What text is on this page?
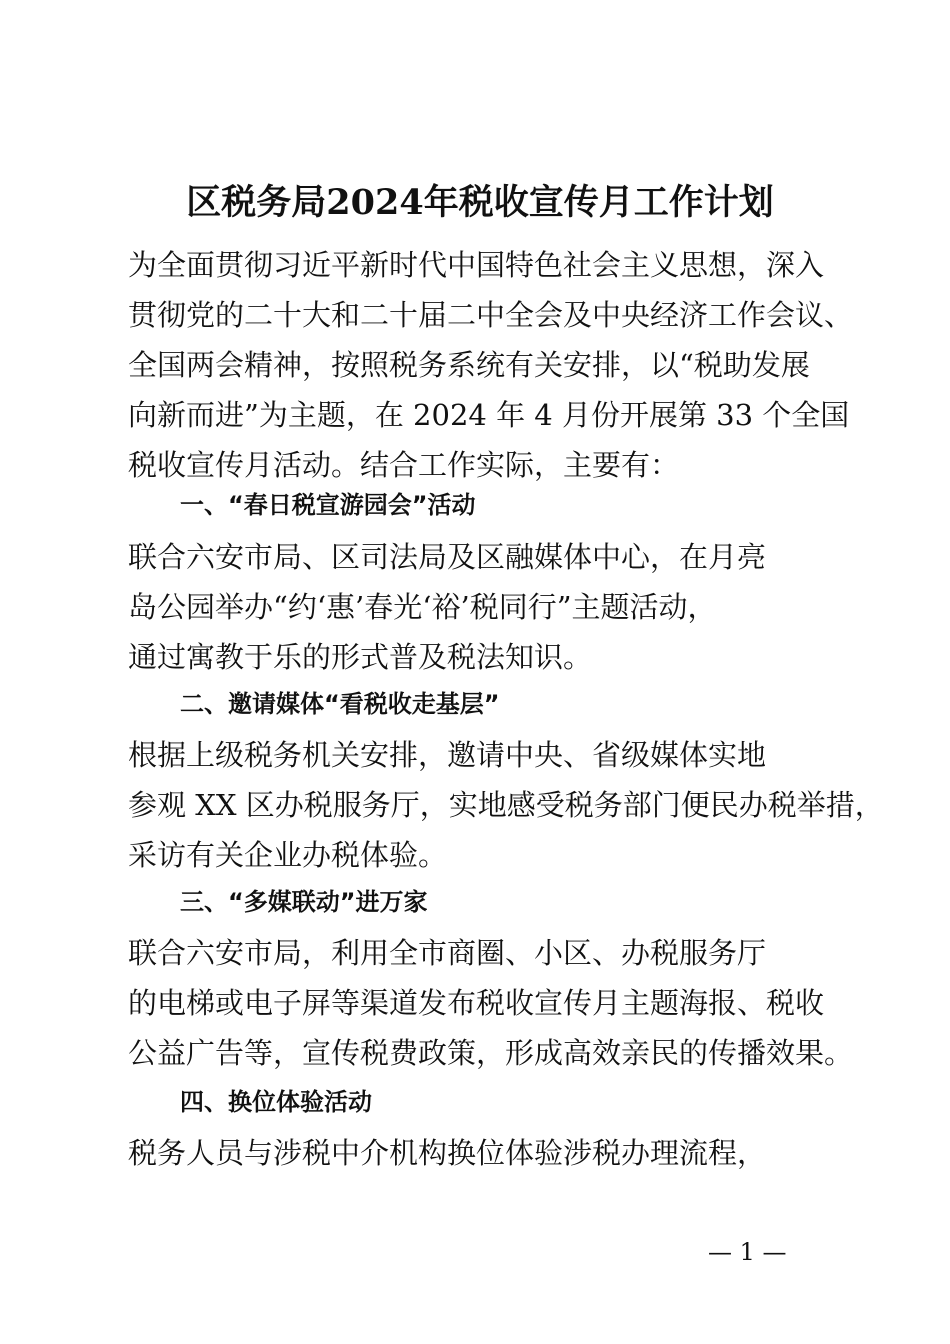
区税务局2024年税收宣传月工作计划
为全面贯彻习近平新时代中国特色社会主义思想，深入
贯彻党的二十大和二十届二中全会及中央经济工作会议、
全国两会精神，按照税务系统有关安排，以“税助发展
向新而进”为主题，在 2024 年 4 月份开展第 33 个全国
税收宣传月活动。结合工作实际，主要有：
一、“春日税宣游园会”活动
联合六安市局、区司法局及区融媒体中心，在月亮
岛公园举办“约‘惠’春光‘裕’税同行”主题活动，
通过寓教于乐的形式普及税法知识。
二、邀请媒体“看税收走基层”
根据上级税务机关安排，邀请中央、省级媒体实地
参观 XX 区办税服务厅，实地感受税务部门便民办税举措，
采访有关企业办税体验。
三、“多媒联动”进万家
联合六安市局，利用全市商圈、小区、办税服务厅
的电梯或电子屏等渠道发布税收宣传月主题海报、税收
公益广告等，宣传税费政策，形成高效亲民的传播效果。
四、换位体验活动
税务人员与涉税中介机构换位体验涉税办理流程，
— 1 —
